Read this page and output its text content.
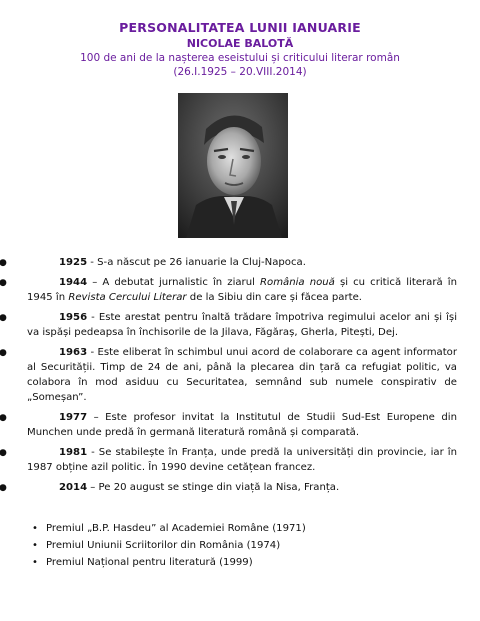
PERSONALITATEA LUNII IANUARIE
NICOLAE BALOTĂ
100 de ani de la nașterea eseistului și criticului literar român
(26.I.1925 – 20.VIII.2014)

●
1925 - S-a născut pe 26 ianuarie la Cluj-Napoca.

●
1944 – A debutat jurnalistic în ziarul România nouă și cu critică literară în 1945 în Revista Cercului Literar de la Sibiu din care și făcea parte.

●
1956 - Este arestat pentru înaltă trădare împotriva regimului acelor ani și își va ispăși pedeapsa în închisorile de la Jilava, Făgăraș, Gherla, Pitești, Dej.

●
1963 - Este eliberat în schimbul unui acord de colaborare ca agent informator al Securității. Timp de 24 de ani, până la plecarea din țară ca refugiat politic, va colabora în mod asiduu cu Securitatea, semnând sub numele conspirativ de „Someșan”.

●
1977 – Este profesor invitat la Institutul de Studii Sud-Est Europene din Munchen unde predă în germană literatură română și comparată.

●
1981 - Se stabilește în Franța, unde predă la universități din provincie, iar în 1987 obține azil politic. În 1990 devine cetățean francez.

●
2014 – Pe 20 august se stinge din viață la Nisa, Franța.

• Premiul „B.P. Hasdeu” al Academiei Române (1971)
• Premiul Uniunii Scriitorilor din România (1974)
• Premiul Național pentru literatură (1999)
